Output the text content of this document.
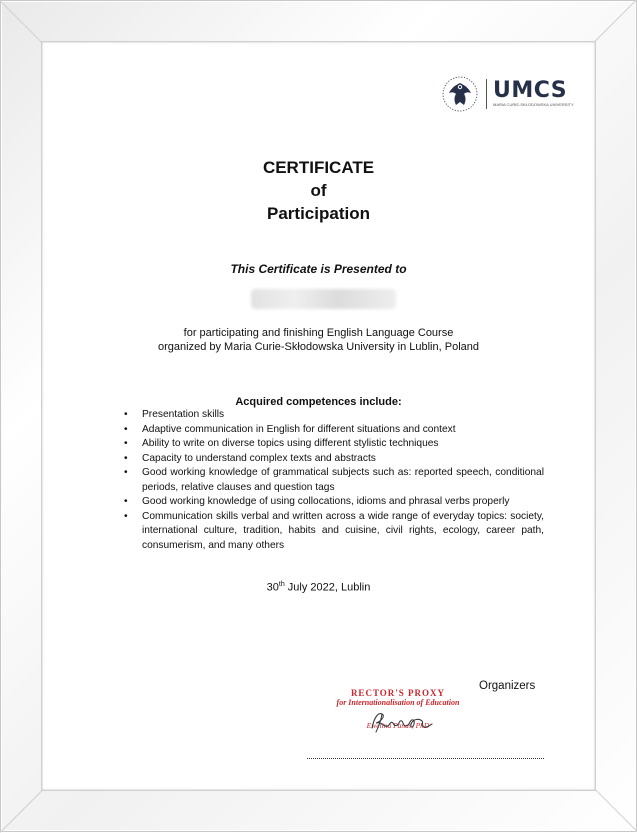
UMCS
MARIA CURIE-SKŁODOWSKA UNIVERSITY
CERTIFICATE
of
Participation
This Certificate is Presented to
for participating and finishing English Language Course
organized by Maria Curie-Skłodowska University in Lublin, Poland
Acquired competences include:
• Presentation skills
• Adaptive communication in English for different situations and context
• Ability to write on diverse topics using different stylistic techniques
• Capacity to understand complex texts and abstracts
• Good working knowledge of grammatical subjects such as: reported speech, conditional periods, relative clauses and question tags
• Good working knowledge of using collocations, idioms and phrasal verbs properly
• Communication skills verbal and written across a wide range of everyday topics: society, international culture, tradition, habits and cuisine, civil rights, ecology, career path, consumerism, and many others
30th July 2022, Lublin
Organizers
RECTOR'S PROXY
for Internationalisation of Education
Ewelina Panas, PhD
